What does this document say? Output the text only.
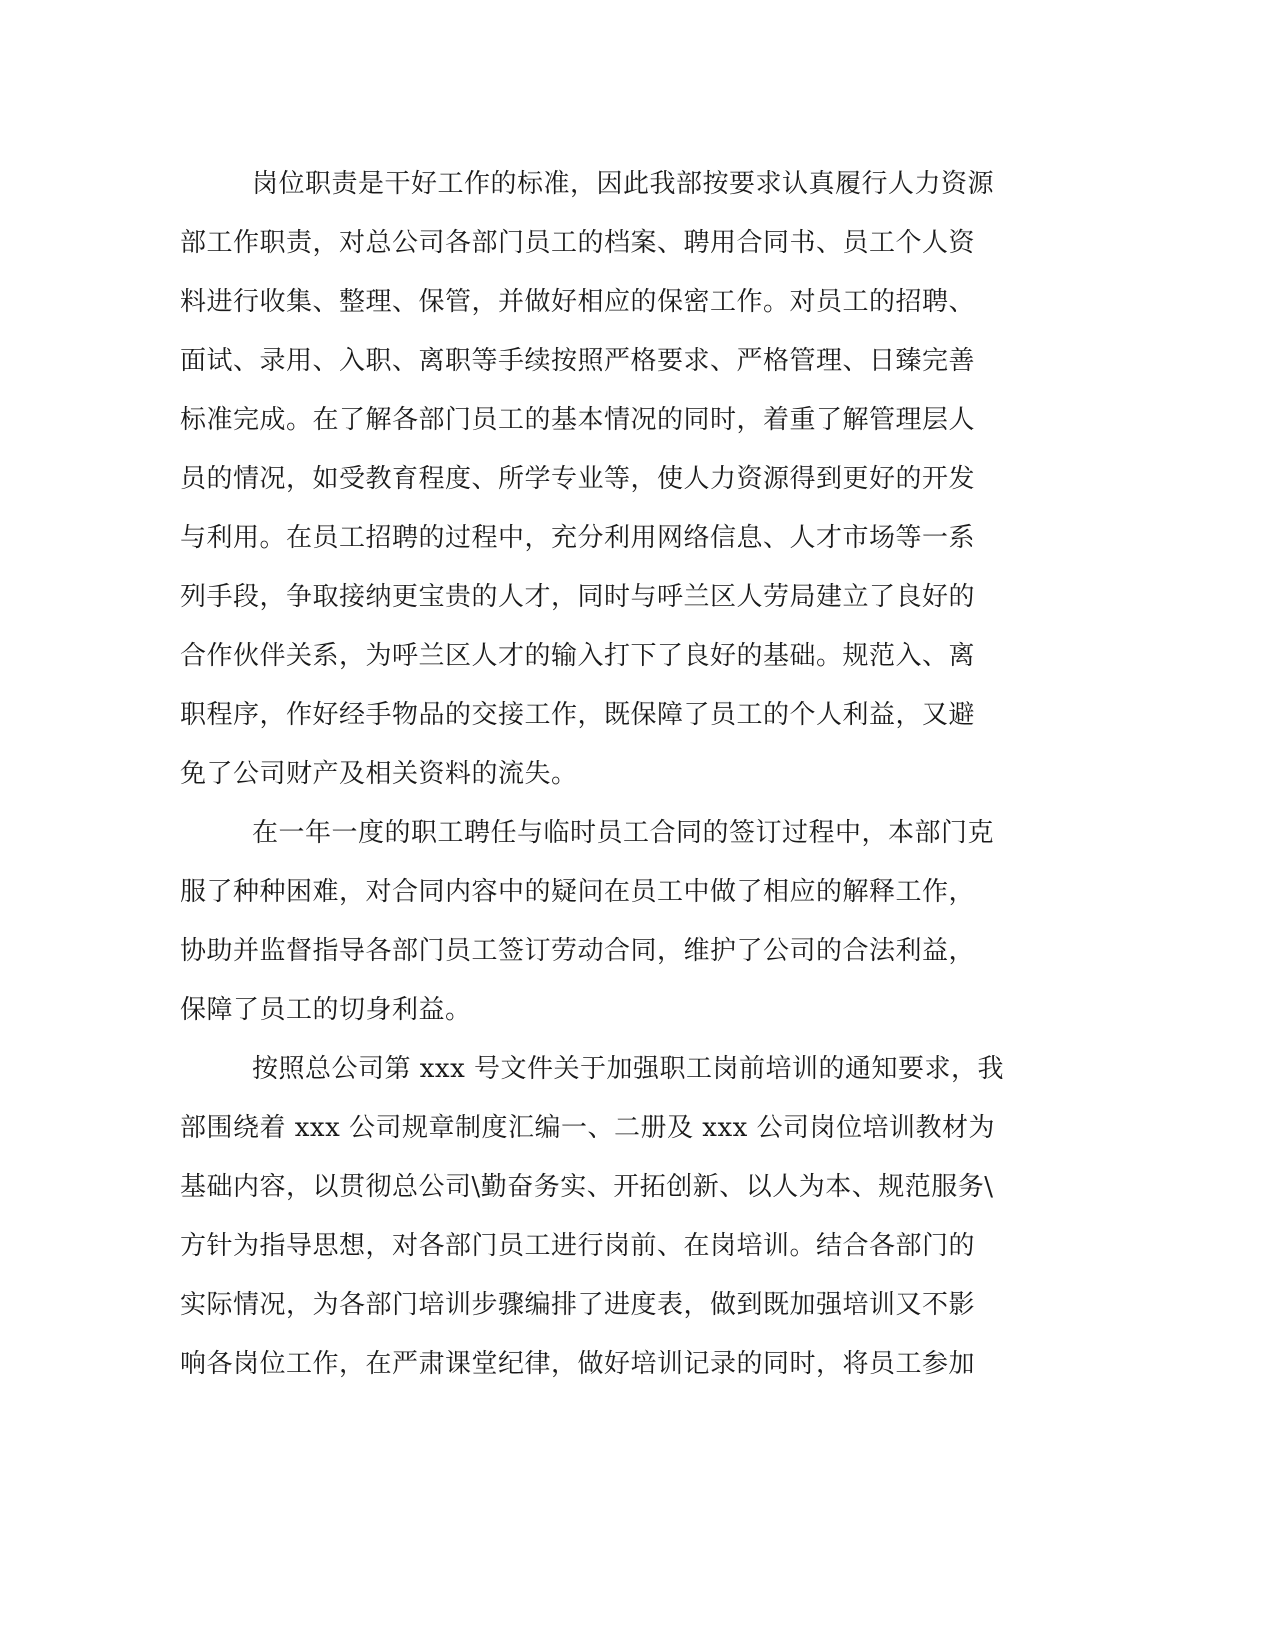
岗位职责是干好工作的标准，因此我部按要求认真履行人力资源
部工作职责，对总公司各部门员工的档案、聘用合同书、员工个人资
料进行收集、整理、保管，并做好相应的保密工作。对员工的招聘、
面试、录用、入职、离职等手续按照严格要求、严格管理、日臻完善
标准完成。在了解各部门员工的基本情况的同时，着重了解管理层人
员的情况，如受教育程度、所学专业等，使人力资源得到更好的开发
与利用。在员工招聘的过程中，充分利用网络信息、人才市场等一系
列手段，争取接纳更宝贵的人才，同时与呼兰区人劳局建立了良好的
合作伙伴关系，为呼兰区人才的输入打下了良好的基础。规范入、离
职程序，作好经手物品的交接工作，既保障了员工的个人利益，又避
免了公司财产及相关资料的流失。
在一年一度的职工聘任与临时员工合同的签订过程中，本部门克
服了种种困难，对合同内容中的疑问在员工中做了相应的解释工作，
协助并监督指导各部门员工签订劳动合同，维护了公司的合法利益，
保障了员工的切身利益。
按照总公司第 xxx 号文件关于加强职工岗前培训的通知要求，我
部围绕着 xxx 公司规章制度汇编一、二册及 xxx 公司岗位培训教材为
基础内容，以贯彻总公司\勤奋务实、开拓创新、以人为本、规范服务\
方针为指导思想，对各部门员工进行岗前、在岗培训。结合各部门的
实际情况，为各部门培训步骤编排了进度表，做到既加强培训又不影
响各岗位工作，在严肃课堂纪律，做好培训记录的同时，将员工参加
